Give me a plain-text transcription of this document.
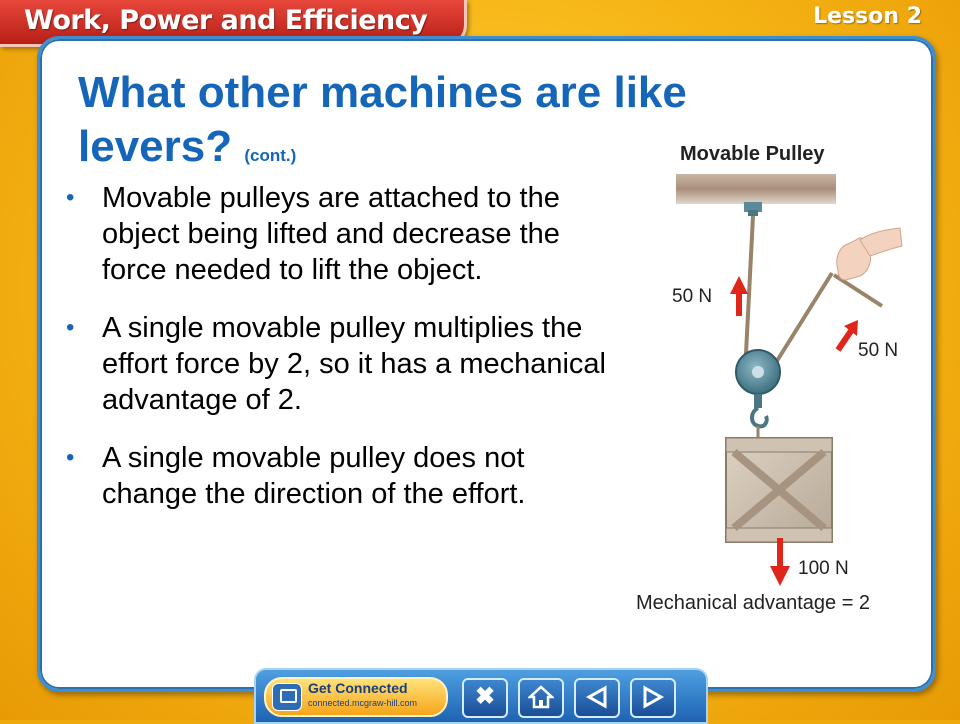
Work, Power and Efficiency	Lesson 2
What other machines are like levers? (cont.)
• Movable pulleys are attached to the object being lifted and decrease the force needed to lift the object.
• A single movable pulley multiplies the effort force by 2, so it has a mechanical advantage of 2.
• A single movable pulley does not change the direction of the effort.
Movable Pulley
50 N
50 N
100 N
Mechanical advantage = 2
Get Connected
connected.mcgraw-hill.com	✖
